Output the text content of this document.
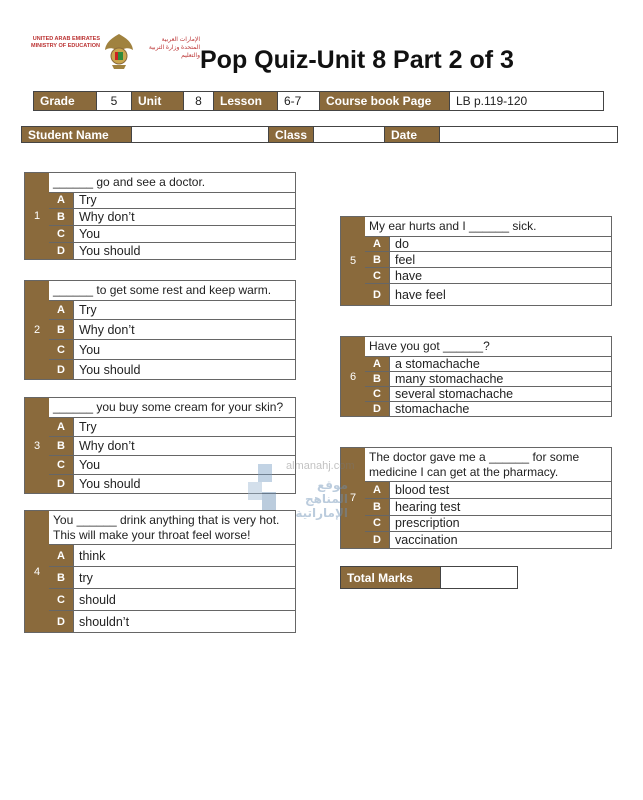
UNITED ARAB EMIRATES
MINISTRY OF EDUCATION
الإمارات العربية المتحدة وزارة التربية والتعليم Pop Quiz-Unit 8 Part 2 of 3
Grade	5	Unit	8	Lesson	6-7	Course book Page	LB p.119-120
Student Name	Class	Date
1
______ go and see a doctor.
A	Try
B	Why don’t
C	You
D	You should
2
______ to get some rest and keep warm.
A	Try
B	Why don’t
C	You
D	You should
3
______ you buy some cream for your skin?
A	Try
B	Why don’t
C	You
D	You should
4
You ______ drink anything that is very hot. This will make your throat feel worse!
A	think
B	try
C	should
D	shouldn’t
5
My ear hurts and I ______ sick.
A	do
B	feel
C	have
D	have feel
6
Have you got ______?
A	a stomachache
B	many stomachache
C	several stomachache
D	stomachache
7
The doctor gave me a ______ for some medicine I can get at the pharmacy.
A	blood test
B	hearing test
C	prescription
D	vaccination
Total Marks
almanahj.com
موقع المناهج الإماراتية
